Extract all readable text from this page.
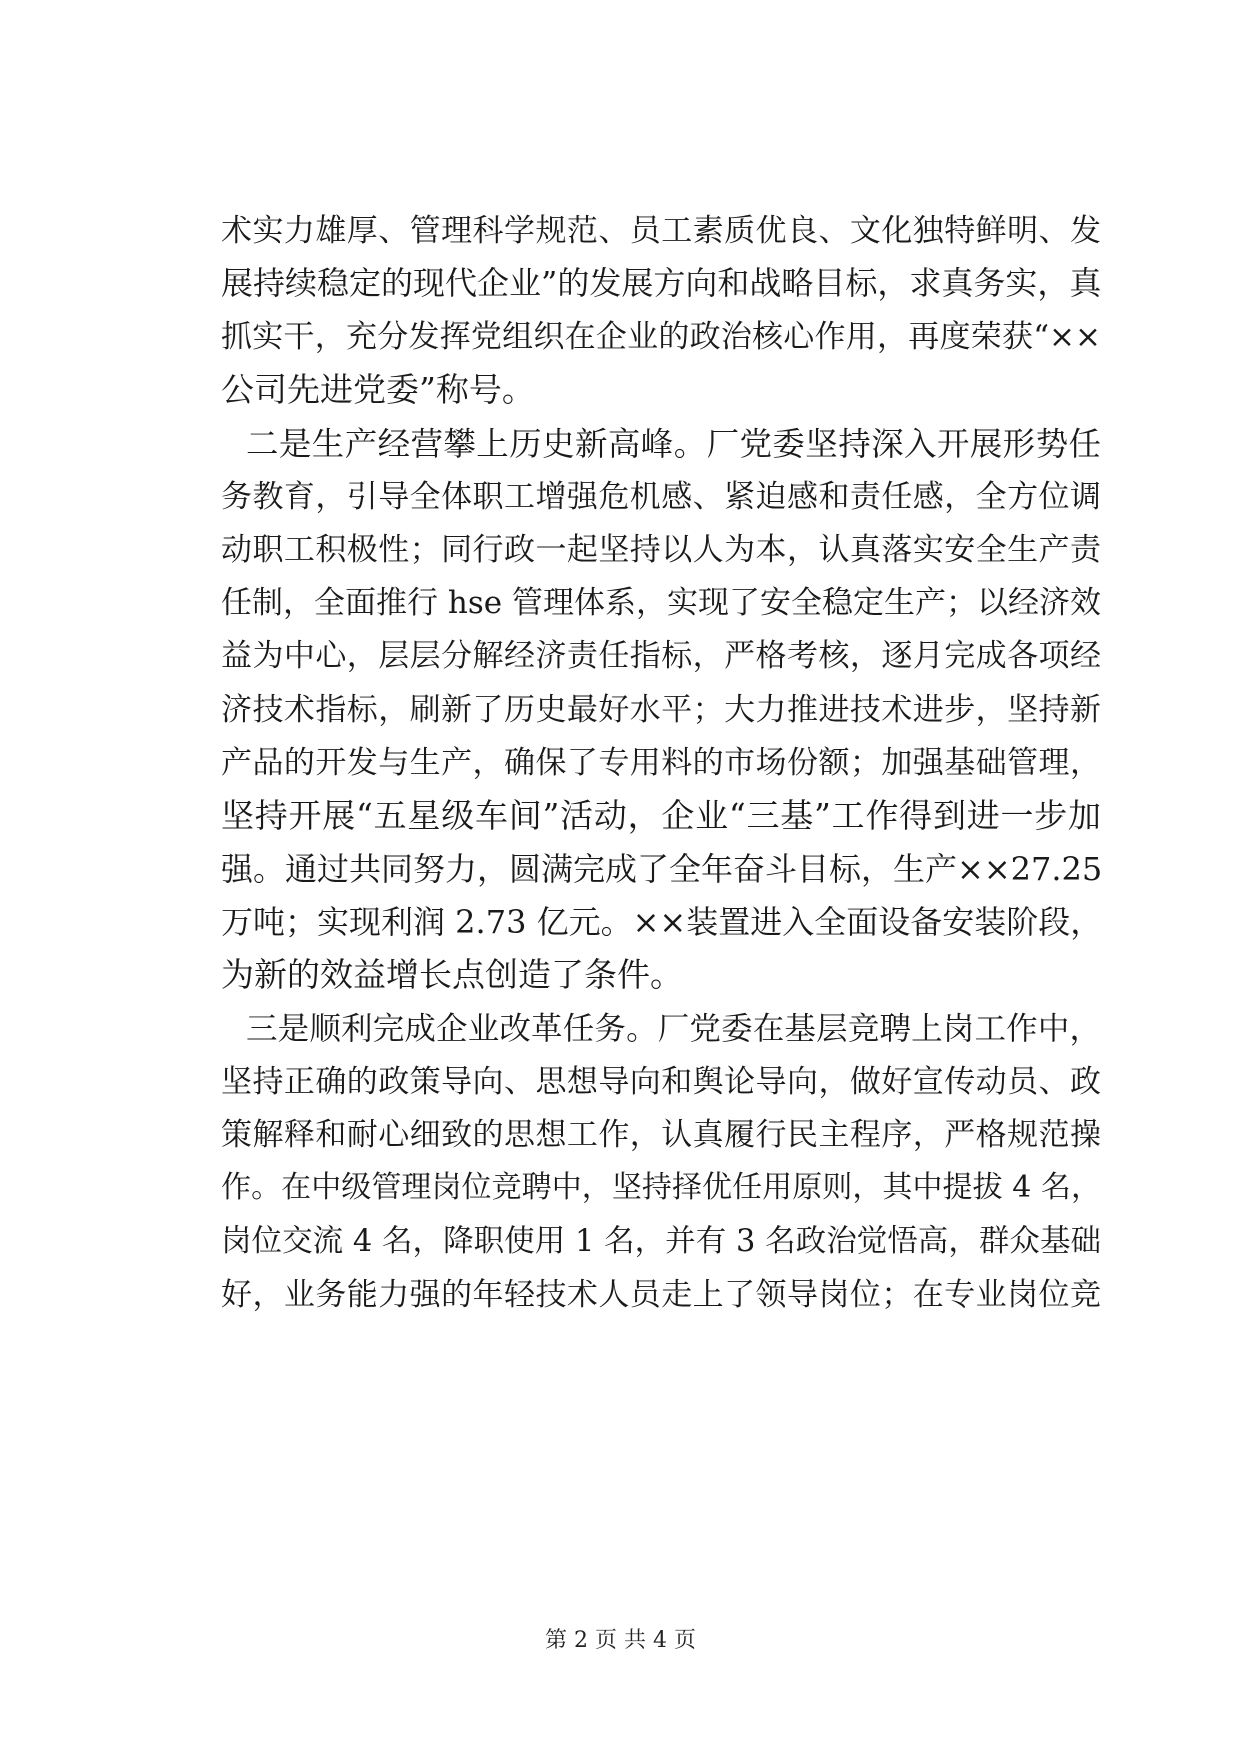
术实力雄厚、管理科学规范、员工素质优良、文化独特鲜明、发
展持续稳定的现代企业”的发展方向和战略目标，求真务实，真
抓实干，充分发挥党组织在企业的政治核心作用，再度荣获“××
公司先进党委”称号。
二是生产经营攀上历史新高峰。厂党委坚持深入开展形势任
务教育，引导全体职工增强危机感、紧迫感和责任感，全方位调
动职工积极性；同行政一起坚持以人为本，认真落实安全生产责
任制，全面推行 hse 管理体系，实现了安全稳定生产；以经济效
益为中心，层层分解经济责任指标，严格考核，逐月完成各项经
济技术指标，刷新了历史最好水平；大力推进技术进步，坚持新
产品的开发与生产，确保了专用料的市场份额；加强基础管理，
坚持开展“五星级车间”活动，企业“三基”工作得到进一步加
强。通过共同努力，圆满完成了全年奋斗目标，生产××27.25
万吨；实现利润 2.73 亿元。××装置进入全面设备安装阶段，
为新的效益增长点创造了条件。
三是顺利完成企业改革任务。厂党委在基层竞聘上岗工作中，
坚持正确的政策导向、思想导向和舆论导向，做好宣传动员、政
策解释和耐心细致的思想工作，认真履行民主程序，严格规范操
作。在中级管理岗位竞聘中，坚持择优任用原则，其中提拔 4 名，
岗位交流 4 名，降职使用 1 名，并有 3 名政治觉悟高，群众基础
好，业务能力强的年轻技术人员走上了领导岗位；在专业岗位竞
第 2 页 共 4 页
